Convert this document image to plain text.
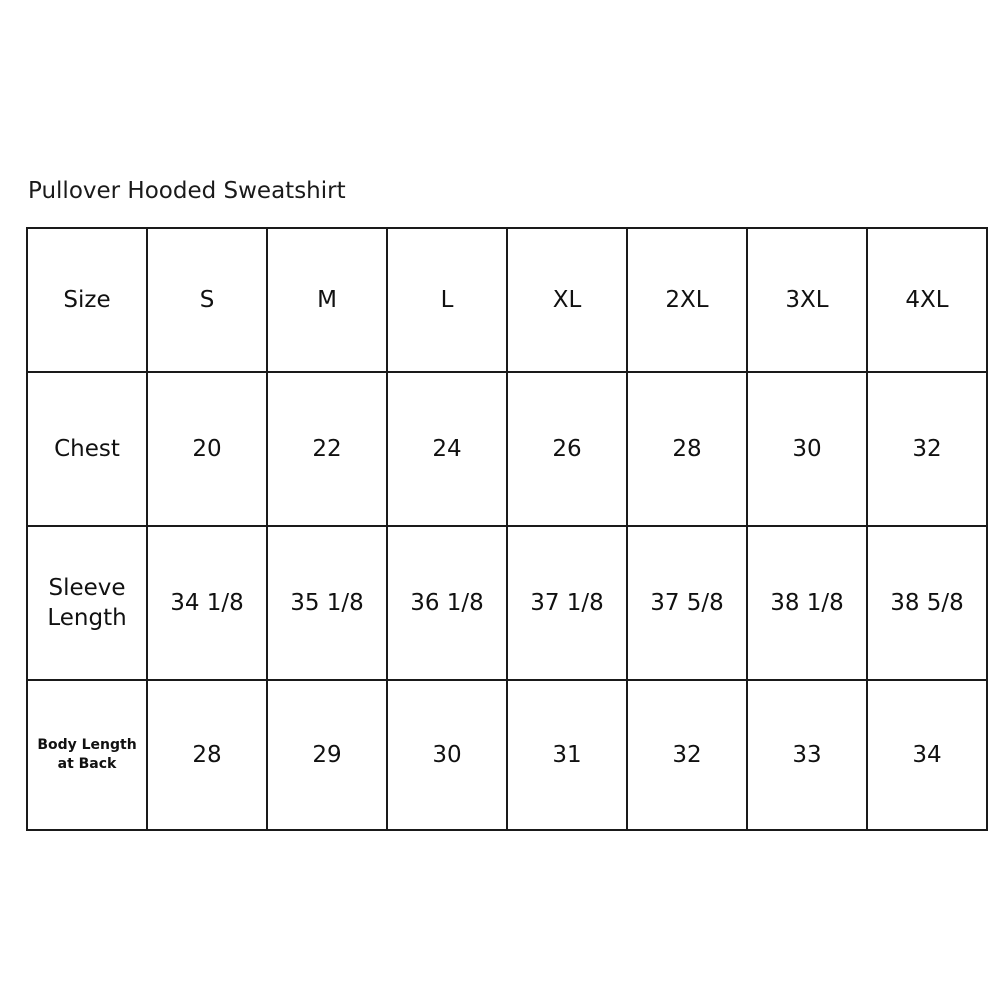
Pullover Hooded Sweatshirt
Size	S	M	L	XL	2XL	3XL	4XL
Chest	20	22	24	26	28	30	32

Sleeve
Length	34 1/8	35 1/8	36 1/8	37 1/8	37 5/8	38 1/8	38 5/8

Body Length
at Back	28	29	30	31	32	33	34
